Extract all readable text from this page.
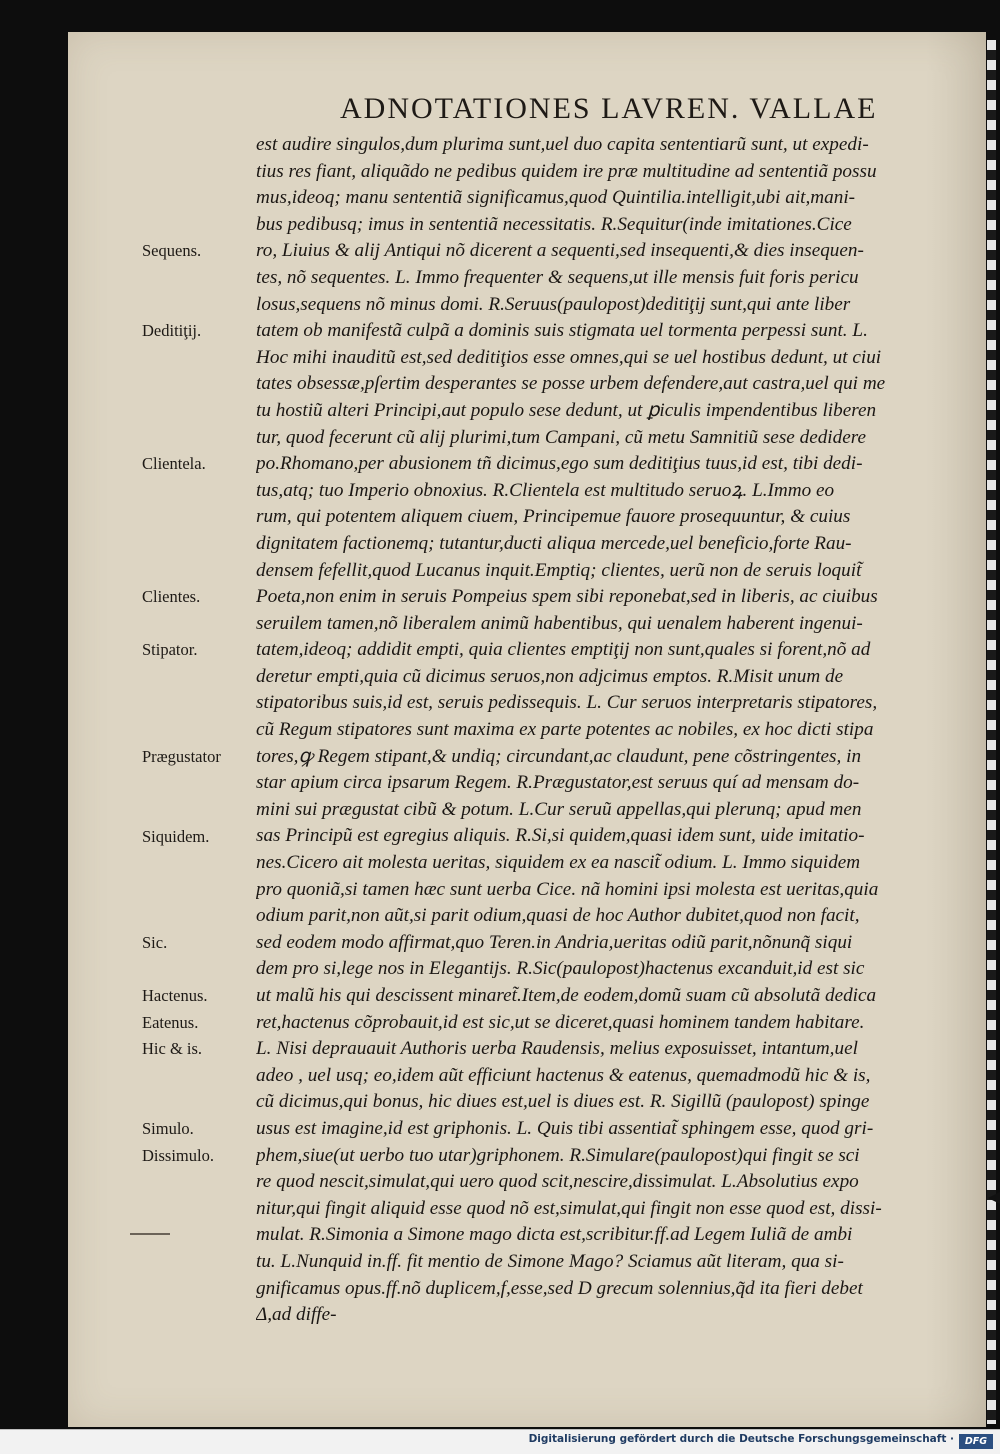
ADNOTATIONES LAVREN. VALLAE
est audire singulos,dum plurima sunt,uel duo capita sententiarũ sunt, ut expedi-
tius res fiant, aliquãdo ne pedibus quidem ire præ multitudine ad sententiã possu
mus,ideoq; manu sententiã significamus,quod Quintilia.intelligit,ubi ait,mani-
bus pedibusq; imus in sententiã necessitatis. R.Sequitur(inde imitationes.Cice
ro, Liuius & alij Antiqui nõ dicerent a sequenti,sed insequenti,& dies insequen-
tes, nõ sequentes. L. Immo frequenter & sequens,ut ille mensis fuit foris pericu
losus,sequens nõ minus domi. R.Seruus(paulopost)deditiţij sunt,qui ante liber
tatem ob manifestã culpã a dominis suis stigmata uel tormenta perpessi sunt. L.
Hoc mihi inauditũ est,sed deditiţios esse omnes,qui se uel hostibus dedunt, ut ciui
tates obsessæ,pſertim desperantes se posse urbem defendere,aut castra,uel qui me
tu hostiũ alteri Principi,aut populo sese dedunt, ut ꝑiculis impendentibus liberen
tur, quod fecerunt cũ alij plurimi,tum Campani, cũ metu Samnitiũ sese dedidere
po.Rhomano,per abusionem tñ dicimus,ego sum deditiţius tuus,id est, tibi dedi-
tus,atq; tuo Imperio obnoxius. R.Clientela est multitudo seruoꝝ. L.Immo eo
rum, qui potentem aliquem ciuem, Principemue fauore prosequuntur, & cuius
dignitatem factionemq; tutantur,ducti aliqua mercede,uel beneficio,forte Rau-
densem fefellit,quod Lucanus inquit.Emptiq; clientes, uerũ non de seruis loquit̃
Poeta,non enim in seruis Pompeius spem sibi reponebat,sed in liberis, ac ciuibus
seruilem tamen,nõ liberalem animũ habentibus, qui uenalem haberent ingenui-
tatem,ideoq; addidit empti, quia clientes emptiţij non sunt,quales si forent,nõ ad
deretur empti,quia cũ dicimus seruos,non adjcimus emptos. R.Misit unum de
stipatoribus suis,id est, seruis pedissequis. L. Cur seruos interpretaris stipatores,
cũ Regum stipatores sunt maxima ex parte potentes ac nobiles, ex hoc dicti stipa
tores,ꝙ Regem stipant,& undiq; circundant,ac claudunt, pene cõstringentes, in
star apium circa ipsarum Regem. R.Prægustator,est seruus quí ad mensam do-
mini sui prægustat cibũ & potum. L.Cur seruũ appellas,qui plerunq; apud men
sas Principũ est egregius aliquis. R.Si,si quidem,quasi idem sunt, uide imitatio-
nes.Cicero ait molesta ueritas, siquidem ex ea nascit̃ odium. L. Immo siquidem
pro quoniã,si tamen hæc sunt uerba Cice. nã homini ipsi molesta est ueritas,quia
odium parit,non aũt,si parit odium,quasi de hoc Author dubitet,quod non facit,
sed eodem modo affirmat,quo Teren.in Andria,ueritas odiũ parit,nõnunq̃ siqui
dem pro si,lege nos in Elegantijs. R.Sic(paulopost)hactenus excanduit,id est sic
ut malũ his qui descissent minaret̃.Item,de eodem,domũ suam cũ absolutã dedica
ret,hactenus cõprobauit,id est sic,ut se diceret,quasi hominem tandem habitare.
L. Nisi deprauauit Authoris uerba Raudensis, melius exposuisset, intantum,uel
adeo , uel usq; eo,idem aũt efficiunt hactenus & eatenus, quemadmodũ hic & is,
cũ dicimus,qui bonus, hic diues est,uel is diues est. R. Sigillũ (paulopost) spinge
usus est imagine,id est griphonis. L. Quis tibi assentiat̃ sphingem esse, quod gri-
phem,siue(ut uerbo tuo utar)griphonem. R.Simulare(paulopost)qui fingit se sci
re quod nescit,simulat,qui uero quod scit,nescire,dissimulat. L.Absolutius expo
nitur,qui fingit aliquid esse quod nõ est,simulat,qui fingit non esse quod est, dissi-
mulat. R.Simonia a Simone mago dicta est,scribitur.ff.ad Legem Iuliã de ambi
tu. L.Nunquid in.ff. fit mentio de Simone Mago? Sciamus aũt literam, qua si-
gnificamus opus.ff.nõ duplicem,f,esse,sed D grecum solennius,q̃d ita fieri debet
Δ,ad diffe-
Sequens.
Deditiţij.
Clientela.
Clientes.
Stipator.
Prægustator
Siquidem.
Sic.
Hactenus.
Eatenus.
Hic & is.
Simulo.
Dissimulo.
Digitalisierung gefördert durch die Deutsche Forschungsgemeinschaft ·	DFG
